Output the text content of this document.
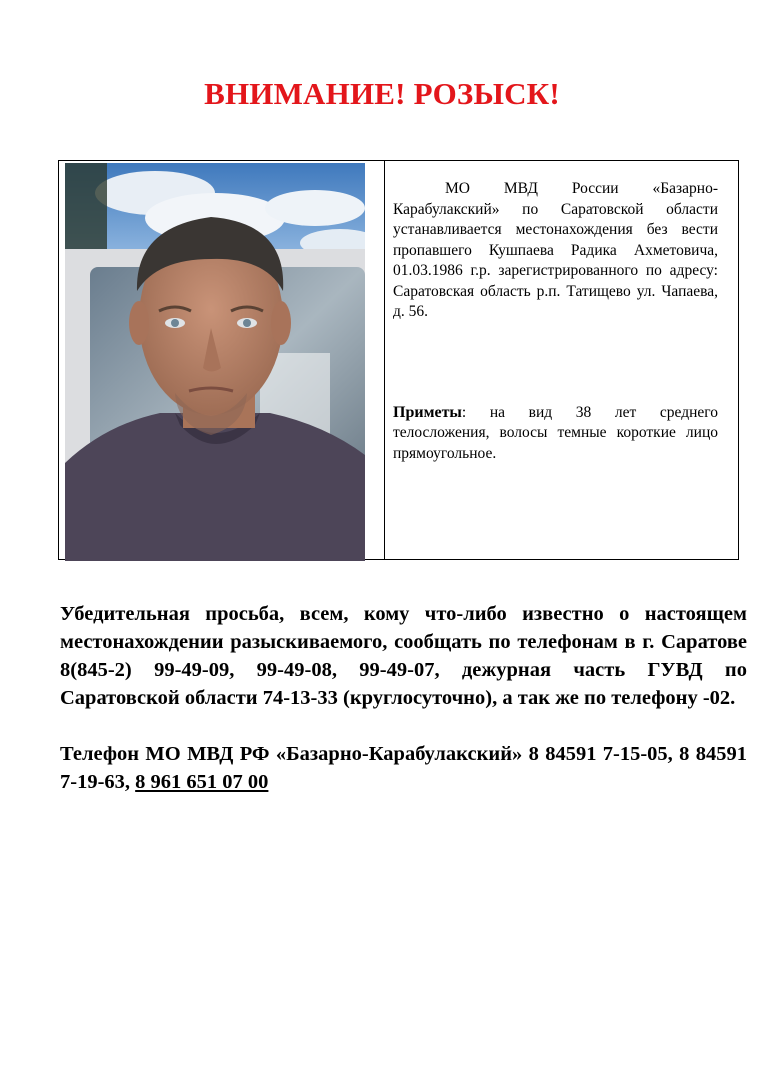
ВНИМАНИЕ! РОЗЫСК!

МО МВД России «Базарно-Карабулакский» по Саратовской области устанавливается местонахождения без вести пропавшего Кушпаева Радика Ахметовича, 01.03.1986 г.р. зарегистрированного по адресу: Саратовская область р.п. Татищево ул. Чапаева, д. 56.

Приметы: на вид 38 лет среднего телосложения, волосы темные короткие лицо прямоугольное.

Убедительная просьба, всем, кому что-либо известно о настоящем местонахождении разыскиваемого, сообщать по телефонам в г. Саратове 8(845-2) 99-49-09, 99-49-08, 99-49-07, дежурная часть ГУВД по Саратовской области 74-13-33 (круглосуточно), а так же по телефону -02.

Телефон МО МВД РФ «Базарно-Карабулакский» 8 84591 7-15-05, 8 84591 7-19-63, 8 961 651 07 00
